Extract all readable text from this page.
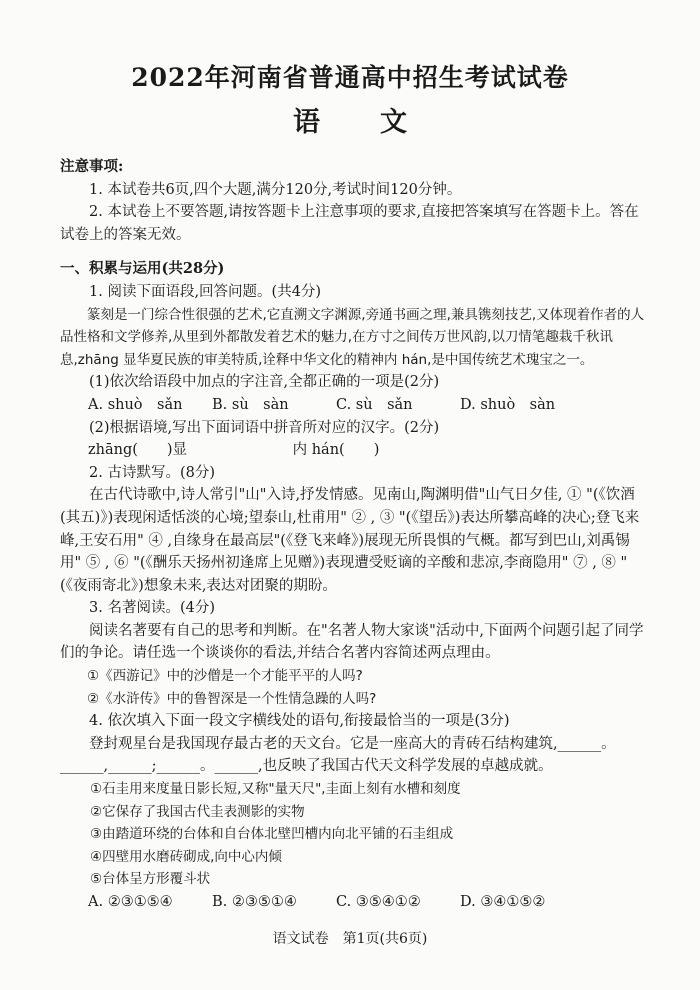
2022年河南省普通高中招生考试试卷
语文

注意事项:

1. 本试卷共6页,四个大题,满分120分,考试时间120分钟。

2. 本试卷上不要答题,请按答题卡上注意事项的要求,直接把答案填写在答题卡上。答在试卷上的答案无效。

一、积累与运用(共28分)

1. 阅读下面语段,回答问题。(共4分)

篆刻是一门综合性很强的艺术,它直溯文字渊源,旁通书画之理,兼具镌刻技艺,又体现着作者的人品性格和文学修养,从里到外都散发着艺术的魅力,在方寸之间传万世风韵,以刀情笔趣栽千秋讯息,zhāng 显华夏民族的审美特质,诠释中华文化的精神内 hán,是中国传统艺术瑰宝之一。

(1)依次给语段中加点的字注音,全都正确的一项是(2分)

A. shuò　sǎn	B. sù　sàn	C. sù　sǎn	D. shuò　sàn

(2)根据语境,写出下面词语中拼音所对应的汉字。(2分)

zhāng(　　)显	内 hán(　　)

2. 古诗默写。(8分)

在古代诗歌中,诗人常引"山"入诗,抒发情感。见南山,陶渊明借"山气日夕佳, ① "(《饮酒(其五)》)表现闲适恬淡的心境;望泰山,杜甫用" ② , ③ "(《望岳》)表达所攀高峰的决心;登飞来峰,王安石用" ④ ,自缘身在最高层"(《登飞来峰》)展现无所畏惧的气概。都写到巴山,刘禹锡用" ⑤ , ⑥ "(《酬乐天扬州初逢席上见赠》)表现遭受贬谪的辛酸和悲凉,李商隐用" ⑦ , ⑧ "(《夜雨寄北》)想象未来,表达对团聚的期盼。

3. 名著阅读。(4分)

阅读名著要有自己的思考和判断。在"名著人物大家谈"活动中,下面两个问题引起了同学们的争论。请任选一个谈谈你的看法,并结合名著内容简述两点理由。

①《西游记》中的沙僧是一个才能平平的人吗?

②《水浒传》中的鲁智深是一个性情急躁的人吗?

4. 依次填入下面一段文字横线处的语句,衔接最恰当的一项是(3分)

登封观星台是我国现存最古老的天文台。它是一座高大的青砖石结构建筑,______。______,______;______。______,也反映了我国古代天文科学发展的卓越成就。

①石圭用来度量日影长短,又称"量天尺",圭面上刻有水槽和刻度

②它保存了我国古代圭表测影的实物

③由踏道环绕的台体和自台体北壁凹槽内向北平铺的石圭组成

④四壁用水磨砖砌成,向中心内倾

⑤台体呈方形覆斗状

A. ②③①⑤④	B. ②③⑤①④	C. ③⑤④①②	D. ③④①⑤②

语文试卷　第1页(共6页)
